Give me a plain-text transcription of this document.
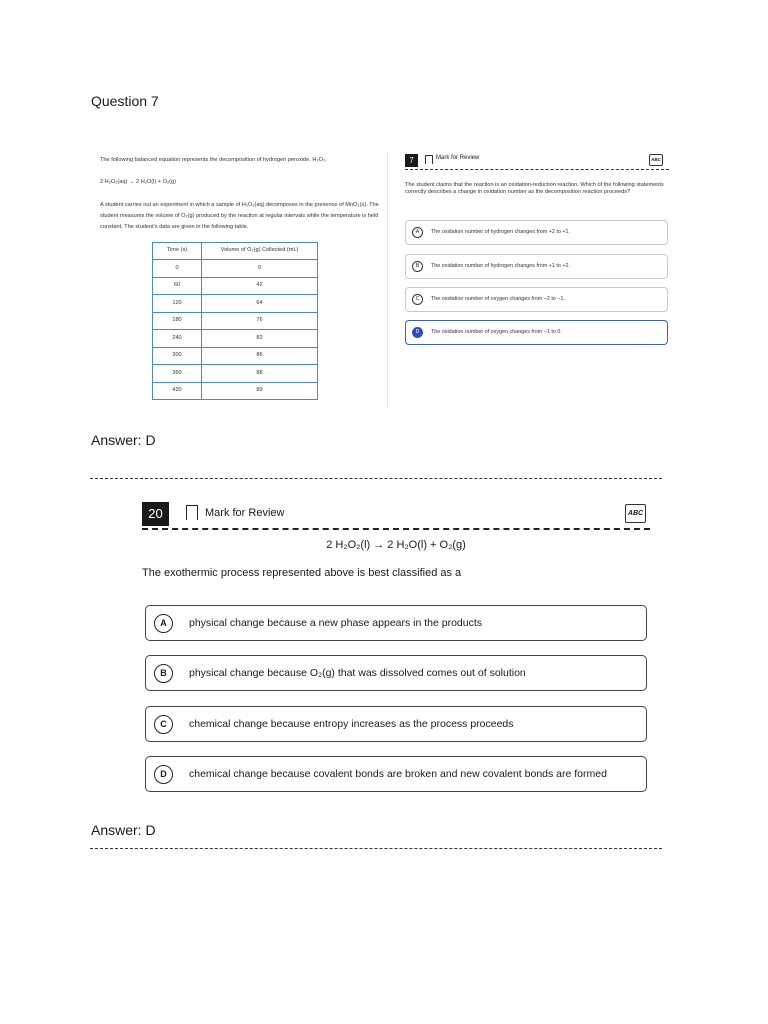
Question 7

The following balanced equation represents the decomposition of hydrogen peroxide, H₂O₂.

2 H₂O₂(aq) → 2 H₂O(l) + O₂(g)

A student carries out an experiment in which a sample of H₂O₂(aq) decomposes in the presence of MnO₂(s). The student measures the volume of O₂(g) produced by the reaction at regular intervals while the temperature is held constant. The student's data are given in the following table.

Time (s)	Volume of O₂(g) Collected (mL)
0	0
60	42
120	64
180	76
240	82
300	86
360	88
420	89
7	Mark for Review	ABC
The student claims that the reaction is an oxidation-reduction reaction. Which of the following statements correctly describes a change in oxidation number as the decomposition reaction proceeds?
A	The oxidation number of hydrogen changes from +2 to +1.
B	The oxidation number of hydrogen changes from +1 to +2.
C	The oxidation number of oxygen changes from −2 to −1.
D	The oxidation number of oxygen changes from −1 to 0.
Answer: D
20	Mark for Review	ABC
2 H₂O₂(l) → 2 H₂O(l) + O₂(g)
The exothermic process represented above is best classified as a
A	physical change because a new phase appears in the products
B	physical change because O₂(g) that was dissolved comes out of solution
C	chemical change because entropy increases as the process proceeds
D	chemical change because covalent bonds are broken and new covalent bonds are formed
Answer: D
